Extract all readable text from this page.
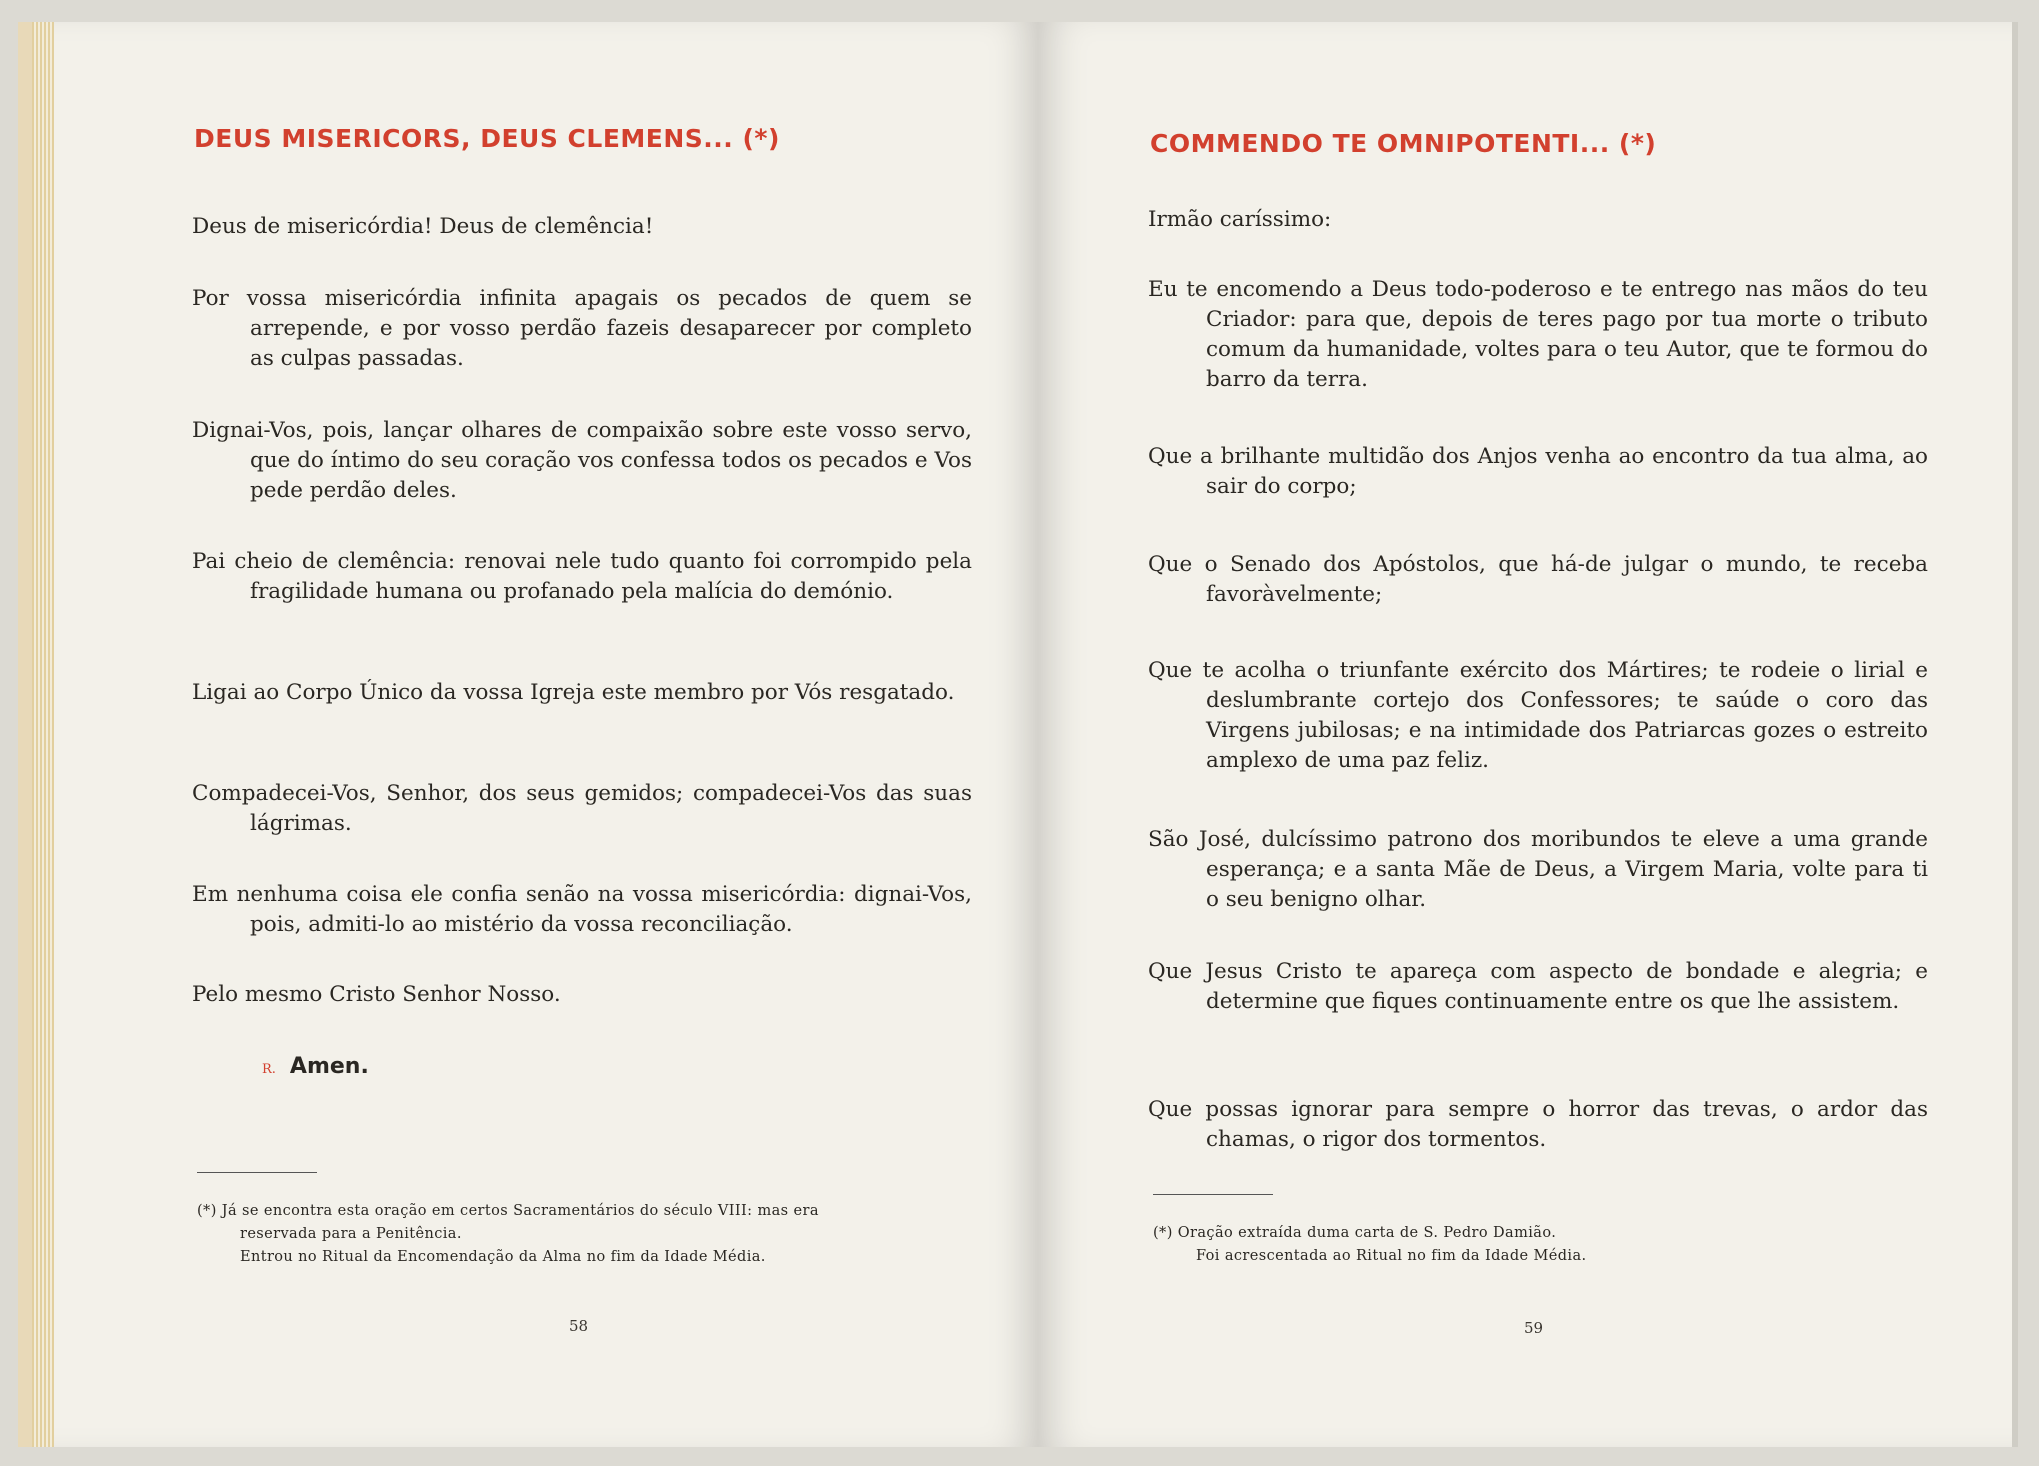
DEUS MISERICORS, DEUS CLEMENS... (*)
Deus de misericórdia! Deus de clemência!
Por vossa misericórdia infinita apagais os pecados de quem se arrepende, e por vosso perdão fazeis desaparecer por completo as culpas passadas.
Dignai-Vos, pois, lançar olhares de compaixão sobre este vosso servo, que do íntimo do seu coração vos confessa todos os pecados e Vos pede perdão deles.
Pai cheio de clemência: renovai nele tudo quanto foi corrompido pela fragilidade humana ou profanado pela malícia do demónio.
Ligai ao Corpo Único da vossa Igreja este membro por Vós resgatado.
Compadecei-Vos, Senhor, dos seus gemidos; compadecei-Vos das suas lágrimas.
Em nenhuma coisa ele confia senão na vossa misericórdia: dignai-Vos, pois, admiti-lo ao mistério da vossa reconciliação.
Pelo mesmo Cristo Senhor Nosso.
R. Amen.
(*) Já se encontra esta oração em certos Sacramentários do século VIII: mas era
reservada para a Penitência.
Entrou no Ritual da Encomendação da Alma no fim da Idade Média.
58
COMMENDO TE OMNIPOTENTI... (*)
Irmão caríssimo:
Eu te encomendo a Deus todo-poderoso e te entrego nas mãos do teu Criador: para que, depois de teres pago por tua morte o tributo comum da humanidade, voltes para o teu Autor, que te formou do barro da terra.
Que a brilhante multidão dos Anjos venha ao encontro da tua alma, ao sair do corpo;
Que o Senado dos Apóstolos, que há-de julgar o mundo, te receba favoràvelmente;
Que te acolha o triunfante exército dos Mártires; te rodeie o lirial e deslumbrante cortejo dos Confessores; te saúde o coro das Virgens jubilosas; e na intimidade dos Patriarcas gozes o estreito amplexo de uma paz feliz.
São José, dulcíssimo patrono dos moribundos te eleve a uma grande esperança; e a santa Mãe de Deus, a Virgem Maria, volte para ti o seu benigno olhar.
Que Jesus Cristo te apareça com aspecto de bondade e alegria; e determine que fiques continuamente entre os que lhe assistem.
Que possas ignorar para sempre o horror das trevas, o ardor das chamas, o rigor dos tormentos.
(*) Oração extraída duma carta de S. Pedro Damião.
Foi acrescentada ao Ritual no fim da Idade Média.
59
